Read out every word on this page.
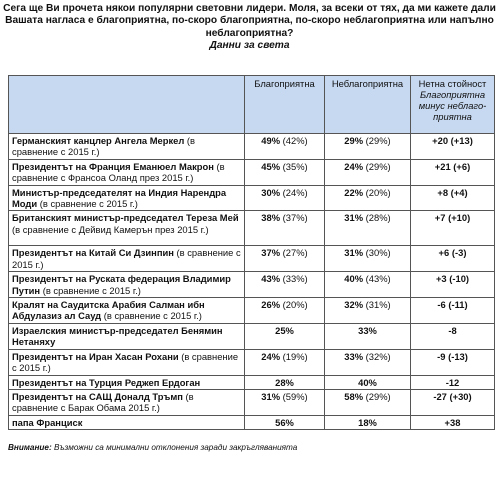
Сега ще Ви прочета някои популярни световни лидери. Моля, за всеки от тях, да ми кажете дали Вашата нагласа е благоприятна, по-скоро благоприятна, по-скоро неблагоприятна или напълно неблагоприятна?
Данни за света
	Благоприятна	Неблагоприятна	Нетна стойност
Благоприятна минус неблаго-приятна
Германският канцлер Ангела Меркел (в сравнение с 2015 г.)	49% (42%)	29% (29%)	+20 (+13)
Президентът на Франция Еманюел Макрон (в сравнение с Франсоа Оланд през 2015 г.)	45% (35%)	24% (29%)	+21 (+6)
Министър-председателят на Индия Нарендра Моди (в сравнение с 2015 г.)	30% (24%)	22% (20%)	+8 (+4)
Британският министър-председател Тереза Мей (в сравнение с Дейвид Камерън през 2015 г.)	38% (37%)	31% (28%)	+7 (+10)
Президентът на Китай Си Дзинпин (в сравнение с 2015 г.)	37% (27%)	31% (30%)	+6 (-3)
Президентът на Руската федерация Владимир Путин (в сравнение с 2015 г.)	43% (33%)	40% (43%)	+3 (-10)
Кралят на Саудитска Арабия Салман ибн Абдулазиз ал Сауд (в сравнение с 2015 г.)	26% (20%)	32% (31%)	-6 (-11)
Израелския министър-председател Бенямин Нетаняху	25%	33%	-8
Президентът на Иран Хасан Рохани (в сравнение с 2015 г.)	24% (19%)	33% (32%)	-9 (-13)
Президентът на Турция Реджеп Ердоган	28%	40%	-12
Президентът на САЩ Доналд Тръмп (в сравнение с Барак Обама 2015 г.)	31% (59%)	58% (29%)	-27 (+30)
папа Франциск	56%	18%	+38
Внимание: Възможни са минимални отклонения заради закръгляванията
